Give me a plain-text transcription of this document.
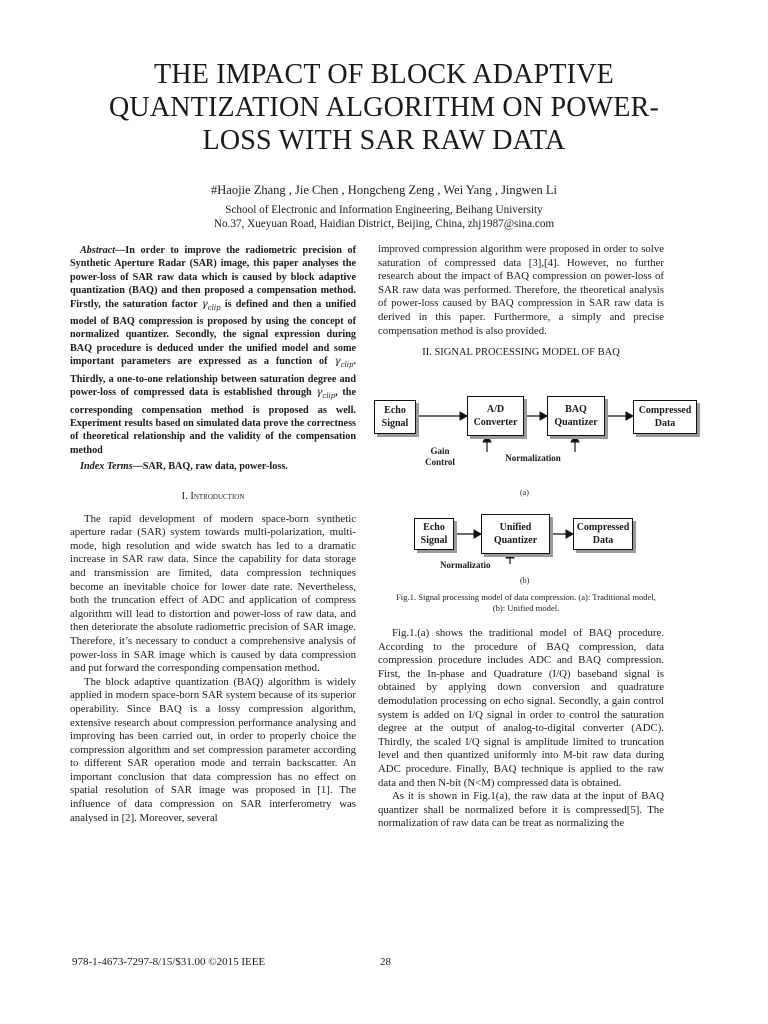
THE IMPACT OF BLOCK ADAPTIVE
QUANTIZATION ALGORITHM ON POWER-
LOSS WITH SAR RAW DATA
#Haojie Zhang , Jie Chen , Hongcheng Zeng , Wei Yang , Jingwen Li
School of Electronic and Information Engineering, Beihang University
No.37, Xueyuan Road, Haidian District, Beijing, China, zhj1987@sina.com
Abstract—In order to improve the radiometric precision of Synthetic Aperture Radar (SAR) image, this paper analyses the power-loss of SAR raw data which is caused by block adaptive quantization (BAQ) and then proposed a compensation method. Firstly, the saturation factor $\gamma_{clip}$ is defined and then a unified model of BAQ compression is proposed by using the concept of normalized quantizer. Secondly, the signal expression during BAQ procedure is deduced under the unified model and some important parameters are expressed as a function of $\gamma_{clip}$. Thirdly, a one-to-one relationship between saturation degree and power-loss of compressed data is established through $\gamma_{clip}$, the corresponding compensation method is proposed as well. Experiment results based on simulated data prove the correctness of theoretical relationship and the validity of the compensation method
Index Terms—SAR, BAQ, raw data, power-loss.
I. Introduction

The rapid development of modern space-born synthetic aperture radar (SAR) system towards multi-polarization, multi-mode, high resolution and wide swatch has led to a dramatic increase in SAR raw data. Since the capability for data storage and transmission are limited, data compression techniques become an inevitable choice for lower date rate. Nevertheless, both the truncation effect of ADC and application of compress algorithm will lead to distortion and power-loss of raw data, and then deteriorate the absolute radiometric precision of SAR image. Therefore, it’s necessary to conduct a comprehensive analysis of power-loss in SAR image which is caused by data compression and put forward the corresponding compensation method.

The block adaptive quantization (BAQ) algorithm is widely applied in modern space-born SAR system because of its superior operability. Since BAQ is a lossy compression algorithm, extensive research about compression performance analysing and improving has been carried out, in order to properly choice the compression algorithm and set compression parameter according to different SAR operation mode and terrain backscatter. An important conclusion that data compression has no effect on spatial resolution of SAR image was proposed in [1]. The influence of data compression on SAR interferometry was analysed in [2]. Moreover, several

improved compression algorithm were proposed in order to solve saturation of compressed data [3],[4]. However, no further research about the impact of BAQ compression on power-loss of SAR raw data was performed. Therefore, the theoretical analysis of power-loss caused by BAQ compression in SAR raw data is derived in this paper. Furthermore, a simply and precise compensation method is also provided.

II. SIGNAL PROCESSING MODEL OF BAQ
Echo Signal
A/D Converter
BAQ Quantizer
Compressed Data
Gain Control	Normalization
(a)
Echo Signal
Unified Quantizer
Compressed Data
Normalizatio
(b)
Fig.1. Signal processing model of data compression. (a): Traditional model, (b): Unified model.

Fig.1.(a) shows the traditional model of BAQ procedure. According to the procedure of BAQ compression, data compression procedure includes ADC and BAQ compression. First, the In-phase and Quadrature (I/Q) baseband signal is obtained by applying down conversion and quadrature demodulation processing on echo signal. Secondly, a gain control system is added on I/Q signal in order to control the saturation degree at the output of analog-to-digital converter (ADC). Thirdly, the scaled I/Q signal is amplitude limited to truncation level and then quantized uniformly into M-bit raw data during ADC procedure. Finally, BAQ technique is applied to the raw data and then N-bit (N<M) compressed data is obtained.

As it is shown in Fig.1(a), the raw data at the input of BAQ quantizer shall be normalized before it is compressed[5]. The normalization of raw data can be treat as normalizing the

978-1-4673-7297-8/15/$31.00 ©2015 IEEE	28
